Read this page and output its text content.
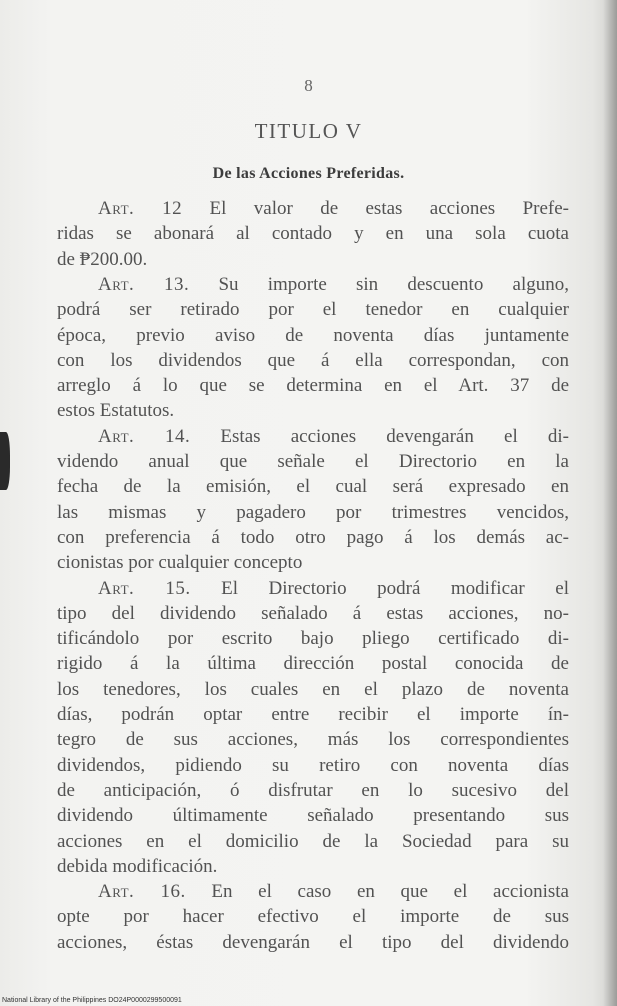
8
TITULO V
De las Acciones Preferidas.

Art. 12 El valor de estas acciones Prefe-

ridas se abonará al contado y en una sola cuota

de ₱200.00.

Art. 13. Su importe sin descuento alguno,

podrá ser retirado por el tenedor en cualquier

época, previo aviso de noventa días juntamente

con los dividendos que á ella correspondan, con

arreglo á lo que se determina en el Art. 37 de

estos Estatutos.

Art. 14. Estas acciones devengarán el di-

videndo anual que señale el Directorio en la

fecha de la emisión, el cual será expresado en

las mismas y pagadero por trimestres vencidos,

con preferencia á todo otro pago á los demás ac-

cionistas por cualquier concepto

Art. 15. El Directorio podrá modificar el

tipo del dividendo señalado á estas acciones, no-

tificándolo por escrito bajo pliego certificado di-

rigido á la última dirección postal conocida de

los tenedores, los cuales en el plazo de noventa

días, podrán optar entre recibir el importe ín-

tegro de sus acciones, más los correspondientes

dividendos, pidiendo su retiro con noventa días

de anticipación, ó disfrutar en lo sucesivo del

dividendo últimamente señalado presentando sus

acciones en el domicilio de la Sociedad para su

debida modificación.

Art. 16. En el caso en que el accionista

opte por hacer efectivo el importe de sus

acciones, éstas devengarán el tipo del dividendo

National Library of the Philippines DO24P0000299500091
